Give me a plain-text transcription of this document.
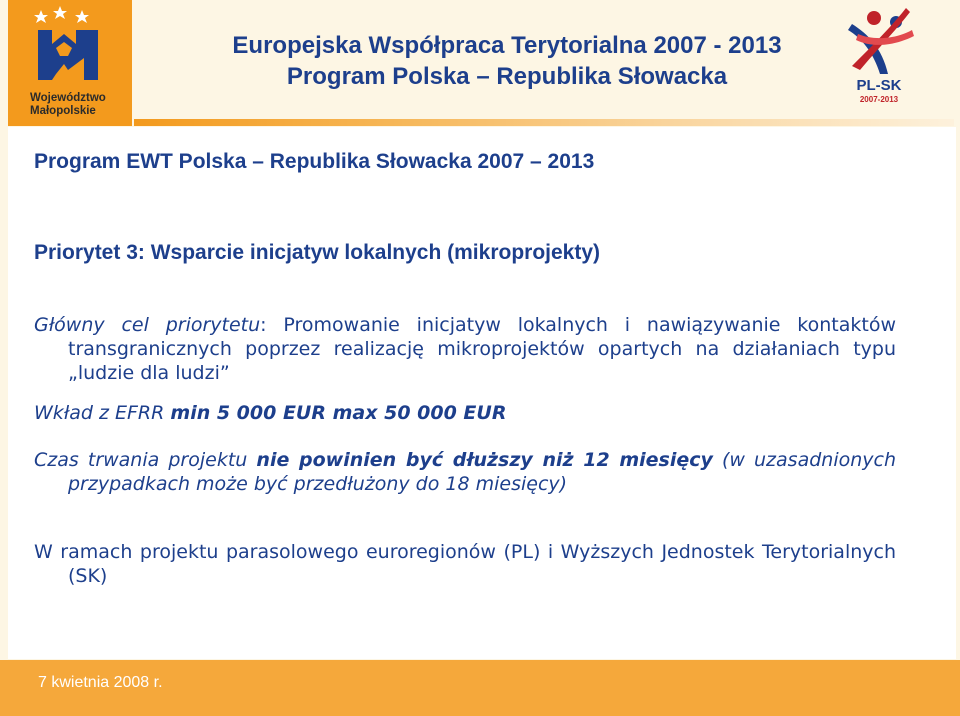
Województwo
Małopolskie
Europejska Współpraca Terytorialna 2007 - 2013
Program Polska – Republika Słowacka	PL-SK
2007-2013
Program EWT Polska – Republika Słowacka 2007 – 2013
Priorytet 3: Wsparcie inicjatyw lokalnych (mikroprojekty)
Główny cel priorytetu: Promowanie inicjatyw lokalnych i nawiązywanie kontaktów transgranicznych poprzez realizację mikroprojektów opartych na działaniach typu „ludzie dla ludzi”
Wkład z EFRR min 5 000 EUR max 50 000 EUR
Czas trwania projektu nie powinien być dłuższy niż 12 miesięcy (w uzasadnionych przypadkach może być przedłużony do 18 miesięcy)
W ramach projektu parasolowego euroregionów (PL) i Wyższych Jednostek Terytorialnych (SK)
7 kwietnia 2008 r.
